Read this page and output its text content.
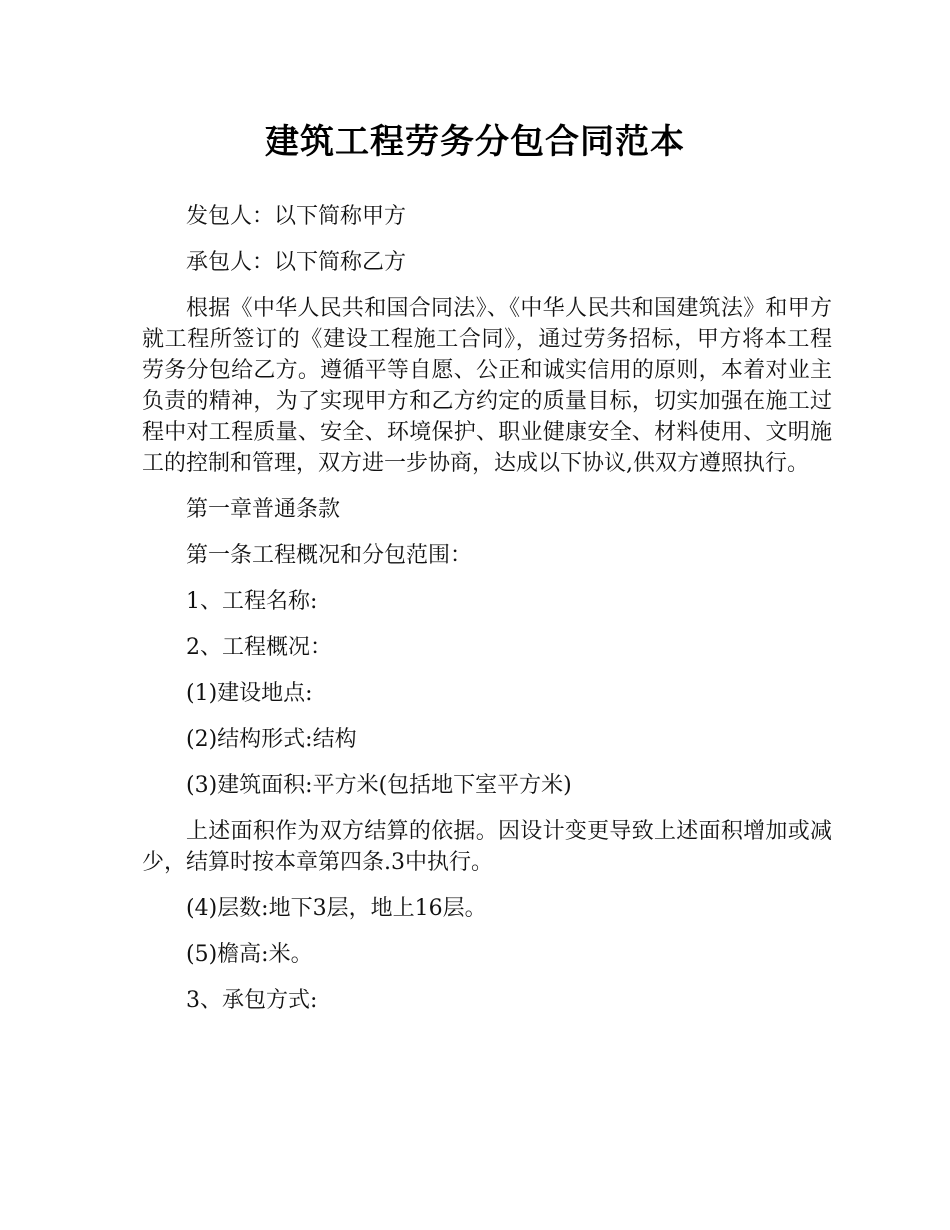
建筑工程劳务分包合同范本

发包人：以下简称甲方

承包人：以下简称乙方

根据《中华人民共和国合同法》、《中华人民共和国建筑法》和甲方就工程所签订的《建设工程施工合同》，通过劳务招标，甲方将本工程劳务分包给乙方。遵循平等自愿、公正和诚实信用的原则，本着对业主负责的精神，为了实现甲方和乙方约定的质量目标，切实加强在施工过程中对工程质量、安全、环境保护、职业健康安全、材料使用、文明施工的控制和管理，双方进一步协商，达成以下协议,供双方遵照执行。

第一章普通条款

第一条工程概况和分包范围：

1、工程名称:

2、工程概况：

(1)建设地点:

(2)结构形式:结构

(3)建筑面积:平方米(包括地下室平方米)

上述面积作为双方结算的依据。因设计变更导致上述面积增加或减少，结算时按本章第四条.3中执行。

(4)层数:地下3层，地上16层。

(5)檐高:米。

3、承包方式:
